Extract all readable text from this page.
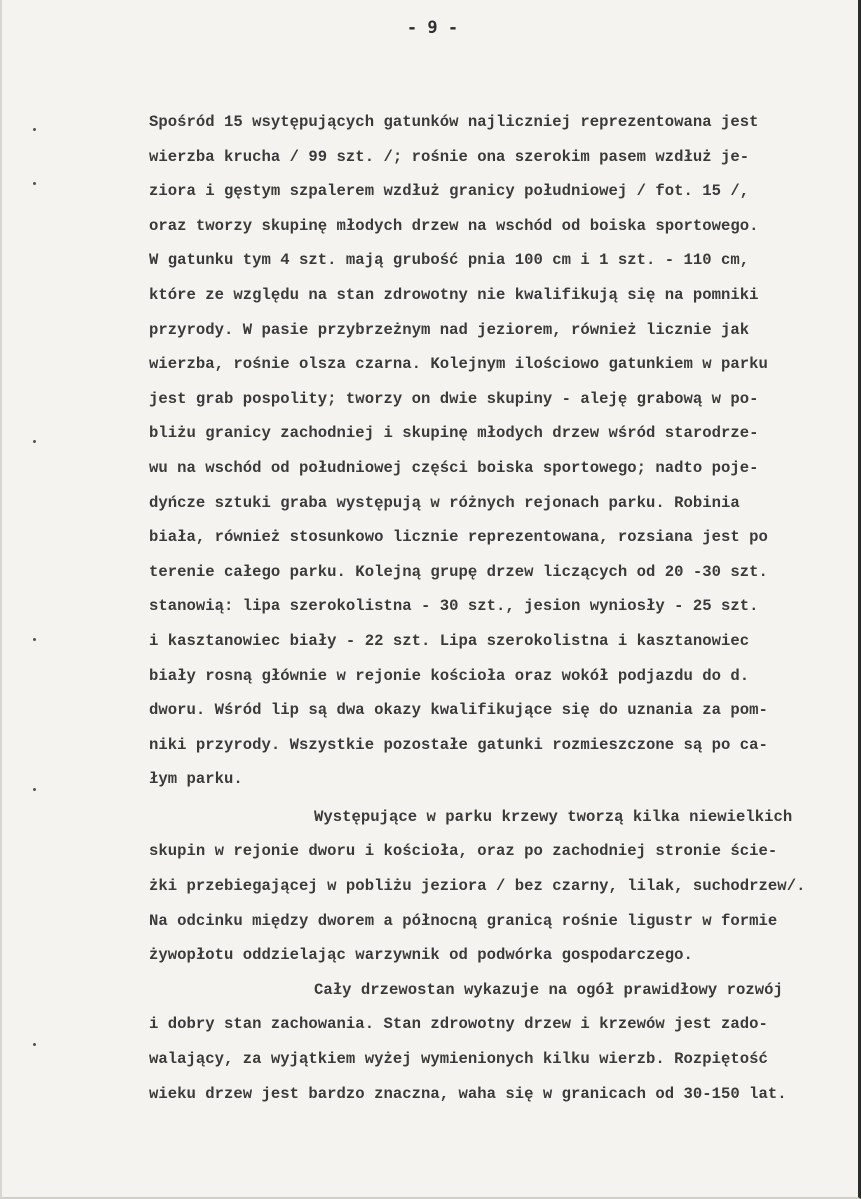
- 9 -
Spośród 15 wsytępujących gatunków najliczniej reprezentowana jest
wierzba krucha / 99 szt. /; rośnie ona szerokim pasem wzdłuż je-
ziora i gęstym szpalerem wzdłuż granicy południowej / fot. 15 /,
oraz tworzy skupinę młodych drzew na wschód od boiska sportowego.
W gatunku tym 4 szt. mają grubość pnia 100 cm i 1 szt. - 110 cm,
które ze względu na stan zdrowotny nie kwalifikują się na pomniki
przyrody. W pasie przybrzeżnym nad jeziorem, również licznie jak
wierzba, rośnie olsza czarna. Kolejnym ilościowo gatunkiem w parku
jest grab pospolity; tworzy on dwie skupiny - aleję grabową w po-
bliżu granicy zachodniej i skupinę młodych drzew wśród starodrze-
wu na wschód od południowej części boiska sportowego; nadto poje-
dyńcze sztuki graba występują w różnych rejonach parku. Robinia
biała, również stosunkowo licznie reprezentowana, rozsiana jest po
terenie całego parku. Kolejną grupę drzew liczących od 20 -30 szt.
stanowią: lipa szerokolistna - 30 szt., jesion wyniosły - 25 szt.
i kasztanowiec biały - 22 szt. Lipa szerokolistna i kasztanowiec
biały rosną głównie w rejonie kościoła oraz wokół podjazdu do d.
dworu. Wśród lip są dwa okazy kwalifikujące się do uznania za pom-
niki przyrody. Wszystkie pozostałe gatunki rozmieszczone są po ca-
łym parku.
Występujące w parku krzewy tworzą kilka niewielkich
skupin w rejonie dworu i kościoła, oraz po zachodniej stronie ście-
żki przebiegającej w pobliżu jeziora / bez czarny, lilak, suchodrzew/.
Na odcinku między dworem a północną granicą rośnie ligustr w formie
żywopłotu oddzielając warzywnik od podwórka gospodarczego.
Cały drzewostan wykazuje na ogół prawidłowy rozwój
i dobry stan zachowania. Stan zdrowotny drzew i krzewów jest zado-
walający, za wyjątkiem wyżej wymienionych kilku wierzb. Rozpiętość
wieku drzew jest bardzo znaczna, waha się w granicach od 30-150 lat.
